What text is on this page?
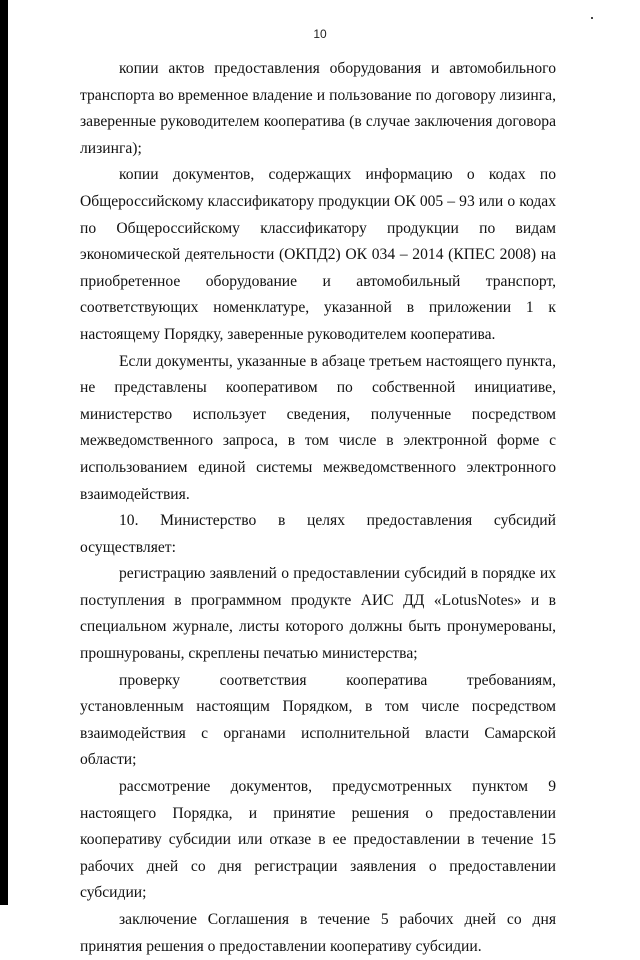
10

копии актов предоставления оборудования и автомобильного транспорта во временное владение и пользование по договору лизинга, заверенные руководителем кооператива (в случае заключения договора лизинга);

копии документов, содержащих информацию о кодах по Общероссийскому классификатору продукции ОК 005 – 93 или о кодах по Общероссийскому классификатору продукции по видам экономической деятельности (ОКПД2) ОК 034 – 2014 (КПЕС 2008) на приобретенное оборудование и автомобильный транспорт, соответствующих номенклатуре, указанной в приложении 1 к настоящему Порядку, заверенные руководителем кооператива.

Если документы, указанные в абзаце третьем настоящего пункта, не представлены кооперативом по собственной инициативе, министерство использует сведения, полученные посредством межведомственного запроса, в том числе в электронной форме с использованием единой системы межведомственного электронного взаимодействия.

10. Министерство в целях предоставления субсидий осуществляет:

регистрацию заявлений о предоставлении субсидий в порядке их поступления в программном продукте АИС ДД «LotusNotes» и в специальном журнале, листы которого должны быть пронумерованы, прошнурованы, скреплены печатью министерства;

проверку соответствия кооператива требованиям, установленным настоящим Порядком, в том числе посредством взаимодействия с органами исполнительной власти Самарской области;

рассмотрение документов, предусмотренных пунктом 9 настоящего Порядка, и принятие решения о предоставлении кооперативу субсидии или отказе в ее предоставлении в течение 15 рабочих дней со дня регистрации заявления о предоставлении субсидии;

заключение Соглашения в течение 5 рабочих дней со дня принятия решения о предоставлении кооперативу субсидии.
